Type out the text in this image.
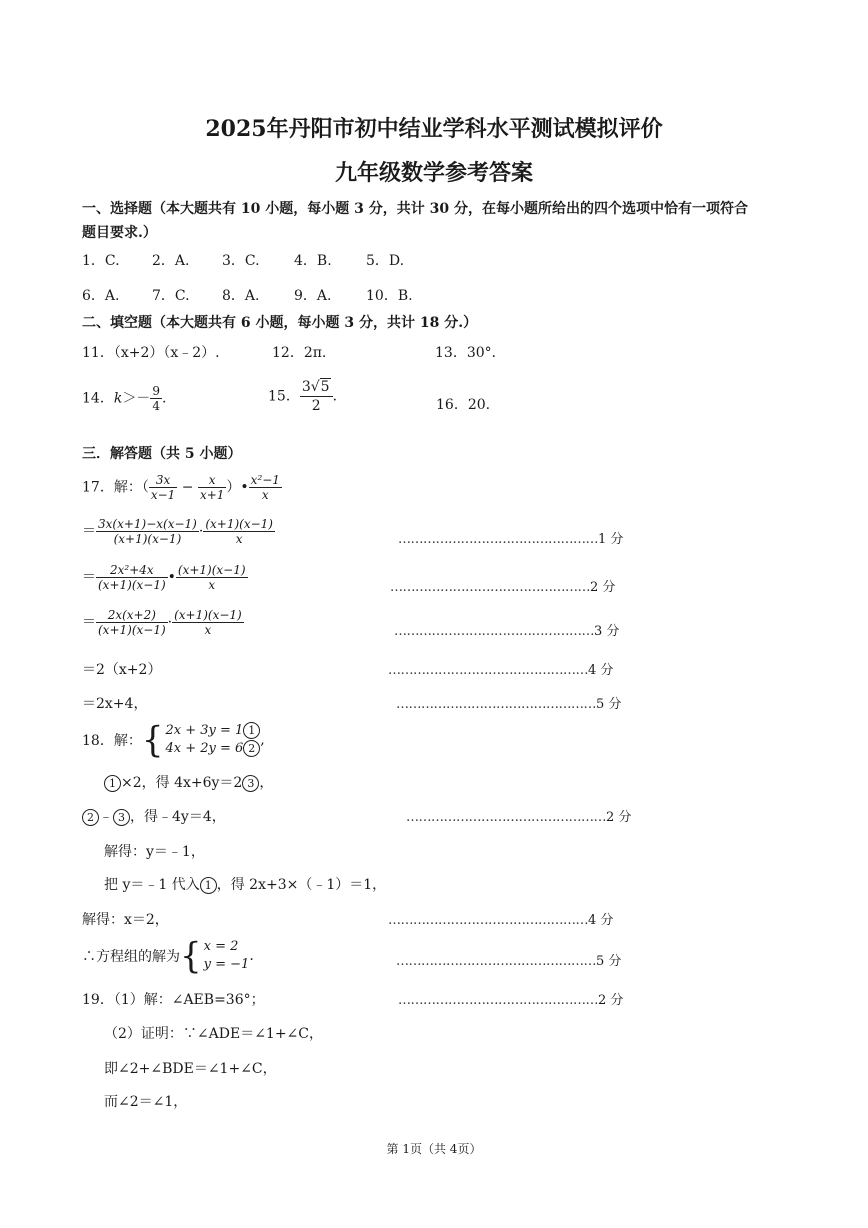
2025年丹阳市初中结业学科水平测试模拟评价
九年级数学参考答案
一、选择题（本大题共有 10 小题，每小题 3 分，共计 30 分，在每小题所给出的四个选项中恰有一项符合
题目要求.）
1．C. 2．A. 3．C. 4．B. 5．D.
6．A. 7．C. 8．A. 9．A. 10．B.
二、填空题（本大题共有 6 小题，每小题 3 分，共计 18 分.）
11．（x+2）（x﹣2）.	12．2π.	13．30°．
14．$k>- \frac{9}{4}$ .	15． $\frac{3√5}{2}$ ．
16．20.
三．解答题（共 5 小题）
17．解：（ $\frac{3x}{x-1} - \frac{x}{x+1}$ ）• $\frac{\text{x²−1}}{x}$
＝ $\frac{3x(x+1)-x(x-1)}{(x+1)(x-1)} \cdot \frac{(x+1)(x-1)}{x}$	…………………………………………1 分
＝ $\frac{\text{2x²+4x}}{(x+1)(x-1)}$ • $\frac{(x+1)(x-1)}{x}$	…………………………………………2 分
＝ $\frac{2x(x+2)}{(x+1)(x-1)} \cdot \frac{(x+1)(x-1)}{x}$	…………………………………………3 分
＝2（x+2）	…………………………………………4 分
＝2x+4，	…………………………………………5 分
18．解：{ 2x + 3y = 1 1
4x + 2y = 6 2,
1 ×2，得 4x+6y＝2 3 ，
2 ﹣ 3 ，得﹣4y＝4，	…………………………………………2 分
解得：y＝﹣1，
把 y＝﹣1 代入 1 ，得 2x+3×（﹣1）＝1，
解得：x＝2，	…………………………………………4 分
∴方程组的解为{ x = 2
y = −1.	…………………………………………5 分
19．（1）解：∠AEB=36°；	…………………………………………2 分
（2）证明：∵∠ADE＝∠1+∠C，
即∠2+∠BDE＝∠1+∠C，
而∠2＝∠1，
第 1页（共 4页）
